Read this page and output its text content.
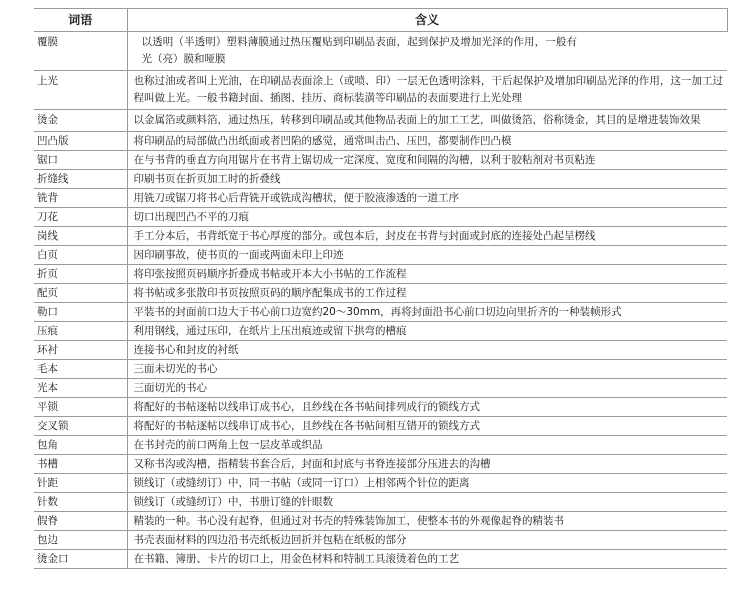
词语	含义
覆膜	以透明（半透明）塑料薄膜通过热压覆贴到印刷品表面，起到保护及增加光泽的作用，一般有光（亮）膜和哑膜
上光	也称过油或者叫上光油，在印刷品表面涂上（或喷、印）一层无色透明涂料，干后起保护及增加印刷品光泽的作用，这一加工过程叫做上光。一般书籍封面、插图、挂历、商标装潢等印刷品的表面要进行上光处理
烫金	以金属箔或颜料箔，通过热压，转移到印刷品或其他物品表面上的加工工艺，叫做烫箔，俗称烫金，其目的是增进装饰效果
凹凸版	将印刷品的局部做凸出纸面或者凹陷的感觉，通常叫击凸、压凹，都要制作凹凸模
锯口	在与书背的垂直方向用锯片在书背上锯切成一定深度、宽度和间隔的沟槽，以利于胶粘剂对书页粘连
折缝线	印刷书页在折页加工时的折叠线
铣背	用铣刀或锯刀将书心后背铣开或铣成沟槽状，便于胶液渗透的一道工序
刀花	切口出现凹凸不平的刀痕
岗线	手工分本后，书背纸宽于书心厚度的部分。或包本后，封皮在书背与封面或封底的连接处凸起呈楞线
白页	因印刷事故，使书页的一面或两面未印上印迹
折页	将印张按照页码顺序折叠成书帖或开本大小书帖的工作流程
配页	将书帖或多张散印书页按照页码的顺序配集成书的工作过程
勒口	平装书的封面前口边大于书心前口边宽约20～30mm，再将封面沿书心前口切边向里折齐的一种装帧形式
压痕	利用钢线，通过压印，在纸片上压出痕迹或留下拱弯的槽痕
环衬	连接书心和封皮的衬纸
毛本	三面未切光的书心
光本	三面切光的书心
平锁	将配好的书帖逐帖以线串订成书心，且纱线在各书帖间排列成行的锁线方式
交叉锁	将配好的书帖逐帖以线串订成书心，且纱线在各书帖间相互错开的锁线方式
包角	在书封壳的前口两角上包一层皮革或织品
书槽	又称书沟或沟槽，指精装书套合后，封面和封底与书脊连接部分压进去的沟槽
针距	锁线订（或缝纫订）中，同一书帖（或同一订口）上相邻两个针位的距离
针数	锁线订（或缝纫订）中，书册订缝的针眼数
假脊	精装的一种。书心没有起脊，但通过对书壳的特殊装饰加工，使整本书的外观像起脊的精装书
包边	书壳表面材料的四边沿书壳纸板边回折并包粘在纸板的部分
烫金口	在书籍、簿册、卡片的切口上，用金色材料和特制工具滚烫着色的工艺
